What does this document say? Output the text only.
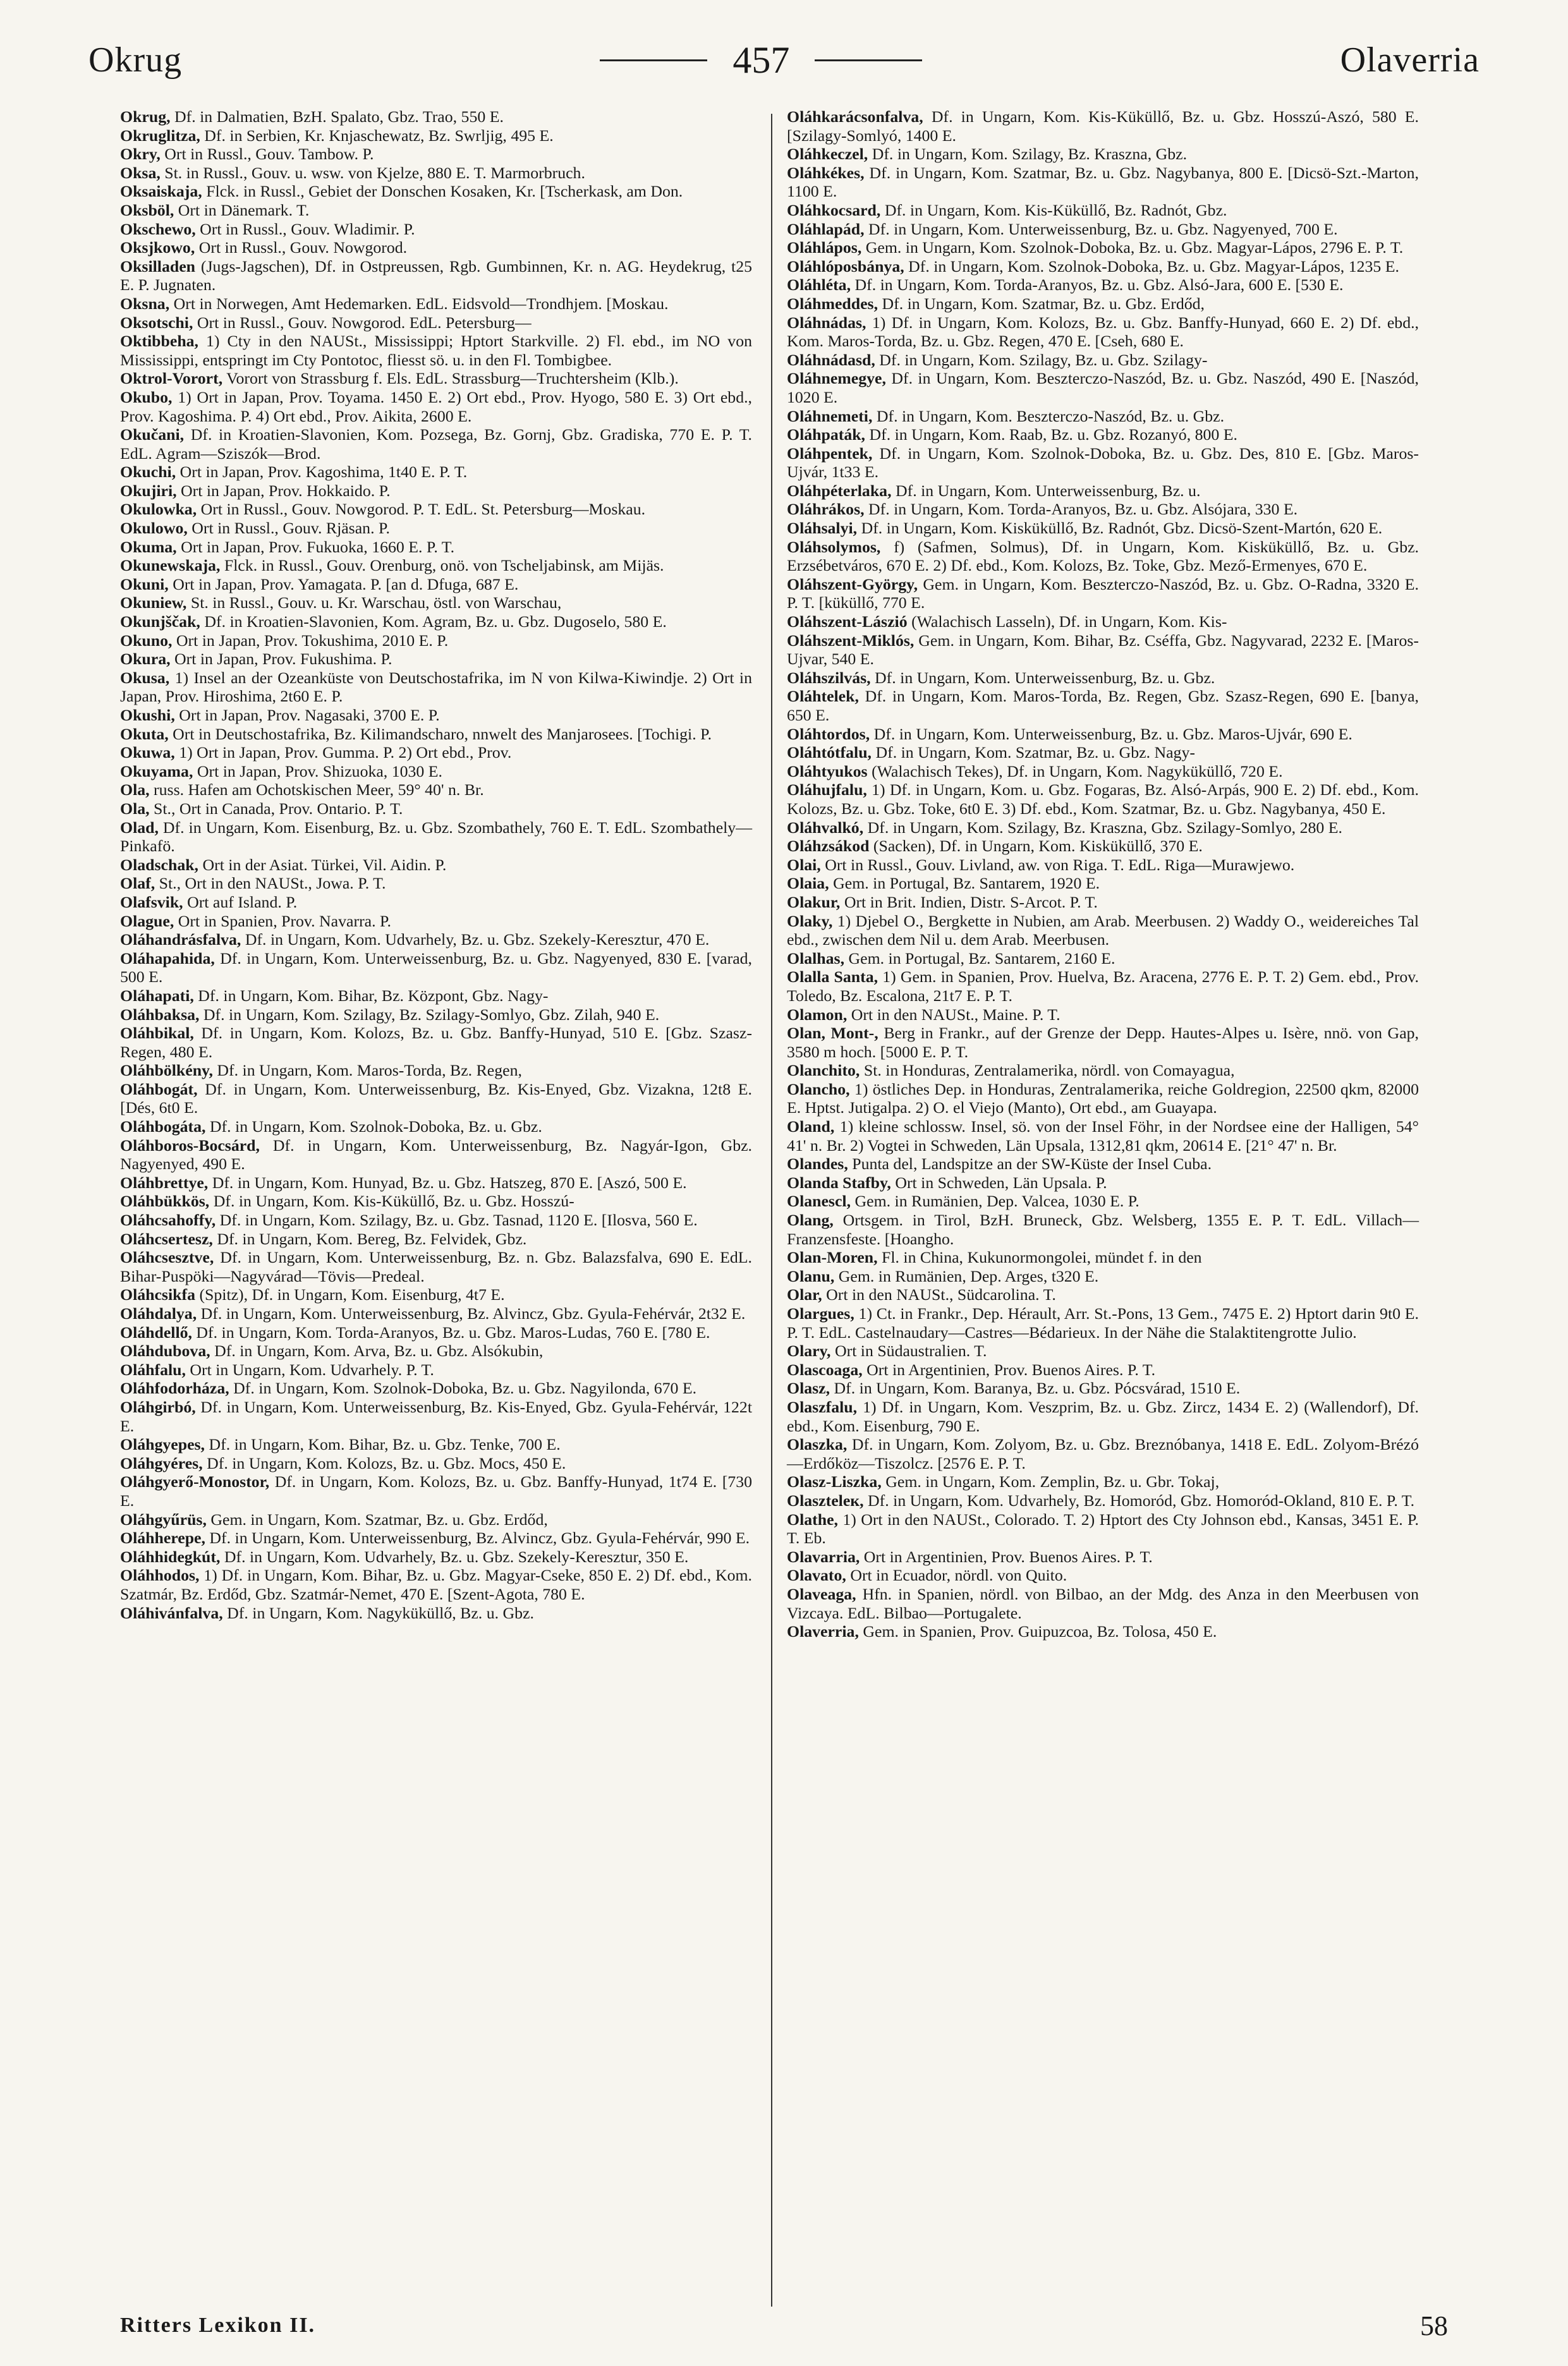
Okrug	457	Olaverria

Okrug, Df. in Dalmatien, BzH. Spalato, Gbz. Trao, 550 E.

Okruglitza, Df. in Serbien, Kr. Knjaschewatz, Bz. Swrljig, 495 E.

Okry, Ort in Russl., Gouv. Tambow. P.

Oksa, St. in Russl., Gouv. u. wsw. von Kjelze, 880 E. T. Marmorbruch.

Oksaiskaja, Flck. in Russl., Gebiet der Donschen Kosaken, Kr. [Tscherkask, am Don.

Oksböl, Ort in Dänemark. T.

Okschewo, Ort in Russl., Gouv. Wladimir. P.

Oksjkowo, Ort in Russl., Gouv. Nowgorod.

Oksilladen (Jugs-Jagschen), Df. in Ostpreussen, Rgb. Gumbinnen, Kr. n. AG. Heydekrug, t25 E. P. Jugnaten.

Oksna, Ort in Norwegen, Amt Hedemarken. EdL. Eidsvold—Trondhjem. [Moskau.

Oksotschi, Ort in Russl., Gouv. Nowgorod. EdL. Petersburg—

Oktibbeha, 1) Cty in den NAUSt., Mississippi; Hptort Starkville. 2) Fl. ebd., im NO von Mississippi, entspringt im Cty Pontotoc, fliesst sö. u. in den Fl. Tombigbee.

Oktrol-Vorort, Vorort von Strassburg f. Els. EdL. Strassburg—Truchtersheim (Klb.).

Okubo, 1) Ort in Japan, Prov. Toyama. 1450 E. 2) Ort ebd., Prov. Hyogo, 580 E. 3) Ort ebd., Prov. Kagoshima. P. 4) Ort ebd., Prov. Aikita, 2600 E.

Okučani, Df. in Kroatien-Slavonien, Kom. Pozsega, Bz. Gornj, Gbz. Gradiska, 770 E. P. T. EdL. Agram—Sziszók—Brod.

Okuchi, Ort in Japan, Prov. Kagoshima, 1t40 E. P. T.

Okujiri, Ort in Japan, Prov. Hokkaido. P.

Okulowka, Ort in Russl., Gouv. Nowgorod. P. T. EdL. St. Petersburg—Moskau.

Okulowo, Ort in Russl., Gouv. Rjäsan. P.

Okuma, Ort in Japan, Prov. Fukuoka, 1660 E. P. T.

Okunewskaja, Flck. in Russl., Gouv. Orenburg, onö. von Tscheljabinsk, am Mijäs.

Okuni, Ort in Japan, Prov. Yamagata. P. [an d. Dfuga, 687 E.

Okuniew, St. in Russl., Gouv. u. Kr. Warschau, östl. von Warschau,

Okunjščak, Df. in Kroatien-Slavonien, Kom. Agram, Bz. u. Gbz. Dugoselo, 580 E.

Okuno, Ort in Japan, Prov. Tokushima, 2010 E. P.

Okura, Ort in Japan, Prov. Fukushima. P.

Okusa, 1) Insel an der Ozeanküste von Deutschostafrika, im N von Kilwa-Kiwindje. 2) Ort in Japan, Prov. Hiroshima, 2t60 E. P.

Okushi, Ort in Japan, Prov. Nagasaki, 3700 E. P.

Okuta, Ort in Deutschostafrika, Bz. Kilimandscharo, nnwelt des Manjarosees. [Tochigi. P.

Okuwa, 1) Ort in Japan, Prov. Gumma. P. 2) Ort ebd., Prov.

Okuyama, Ort in Japan, Prov. Shizuoka, 1030 E.

Ola, russ. Hafen am Ochotskischen Meer, 59° 40' n. Br.

Ola, St., Ort in Canada, Prov. Ontario. P. T.

Olad, Df. in Ungarn, Kom. Eisenburg, Bz. u. Gbz. Szombathely, 760 E. T. EdL. Szombathely—Pinkafö.

Oladschak, Ort in der Asiat. Türkei, Vil. Aidin. P.

Olaf, St., Ort in den NAUSt., Jowa. P. T.

Olafsvik, Ort auf Island. P.

Olague, Ort in Spanien, Prov. Navarra. P.

Oláhandrásfalva, Df. in Ungarn, Kom. Udvarhely, Bz. u. Gbz. Szekely-Keresztur, 470 E.

Oláhapahida, Df. in Ungarn, Kom. Unterweissenburg, Bz. u. Gbz. Nagyenyed, 830 E. [varad, 500 E.

Oláhapati, Df. in Ungarn, Kom. Bihar, Bz. Központ, Gbz. Nagy-

Oláhbaksa, Df. in Ungarn, Kom. Szilagy, Bz. Szilagy-Somlyo, Gbz. Zilah, 940 E.

Oláhbikal, Df. in Ungarn, Kom. Kolozs, Bz. u. Gbz. Banffy-Hunyad, 510 E. [Gbz. Szasz-Regen, 480 E.

Oláhbölkény, Df. in Ungarn, Kom. Maros-Torda, Bz. Regen,

Oláhbogát, Df. in Ungarn, Kom. Unterweissenburg, Bz. Kis-Enyed, Gbz. Vizakna, 12t8 E. [Dés, 6t0 E.

Oláhbogáta, Df. in Ungarn, Kom. Szolnok-Doboka, Bz. u. Gbz.

Oláhboros-Bocsárd, Df. in Ungarn, Kom. Unterweissenburg, Bz. Nagyár-Igon, Gbz. Nagyenyed, 490 E.

Oláhbrettye, Df. in Ungarn, Kom. Hunyad, Bz. u. Gbz. Hatszeg, 870 E. [Aszó, 500 E.

Oláhbükkös, Df. in Ungarn, Kom. Kis-Küküllő, Bz. u. Gbz. Hosszú-

Oláhcsahoffy, Df. in Ungarn, Kom. Szilagy, Bz. u. Gbz. Tasnad, 1120 E. [Ilosva, 560 E.

Oláhcsertesz, Df. in Ungarn, Kom. Bereg, Bz. Felvidek, Gbz.

Oláhcsesztve, Df. in Ungarn, Kom. Unterweissenburg, Bz. n. Gbz. Balazsfalva, 690 E. EdL. Bihar-Puspöki—Nagyvárad—Tövis—Predeal.

Oláhcsikfa (Spitz), Df. in Ungarn, Kom. Eisenburg, 4t7 E.

Oláhdalya, Df. in Ungarn, Kom. Unterweissenburg, Bz. Alvincz, Gbz. Gyula-Fehérvár, 2t32 E.

Oláhdellő, Df. in Ungarn, Kom. Torda-Aranyos, Bz. u. Gbz. Maros-Ludas, 760 E. [780 E.

Oláhdubova, Df. in Ungarn, Kom. Arva, Bz. u. Gbz. Alsókubin,

Oláhfalu, Ort in Ungarn, Kom. Udvarhely. P. T.

Oláhfodorháza, Df. in Ungarn, Kom. Szolnok-Doboka, Bz. u. Gbz. Nagyilonda, 670 E.

Oláhgirbó, Df. in Ungarn, Kom. Unterweissenburg, Bz. Kis-Enyed, Gbz. Gyula-Fehérvár, 122t E.

Oláhgyepes, Df. in Ungarn, Kom. Bihar, Bz. u. Gbz. Tenke, 700 E.

Oláhgyéres, Df. in Ungarn, Kom. Kolozs, Bz. u. Gbz. Mocs, 450 E.

Oláhgyerő-Monostor, Df. in Ungarn, Kom. Kolozs, Bz. u. Gbz. Banffy-Hunyad, 1t74 E. [730 E.

Oláhgyűrüs, Gem. in Ungarn, Kom. Szatmar, Bz. u. Gbz. Erdőd,

Oláhherepe, Df. in Ungarn, Kom. Unterweissenburg, Bz. Alvincz, Gbz. Gyula-Fehérvár, 990 E.

Oláhhidegkút, Df. in Ungarn, Kom. Udvarhely, Bz. u. Gbz. Szekely-Keresztur, 350 E.

Oláhhodos, 1) Df. in Ungarn, Kom. Bihar, Bz. u. Gbz. Magyar-Cseke, 850 E. 2) Df. ebd., Kom. Szatmár, Bz. Erdőd, Gbz. Szatmár-Nemet, 470 E. [Szent-Agota, 780 E.

Oláhivánfalva, Df. in Ungarn, Kom. Nagyküküllő, Bz. u. Gbz.

Oláhkarácsonfalva, Df. in Ungarn, Kom. Kis-Küküllő, Bz. u. Gbz. Hosszú-Aszó, 580 E. [Szilagy-Somlyó, 1400 E.

Oláhkeczel, Df. in Ungarn, Kom. Szilagy, Bz. Kraszna, Gbz.

Oláhkékes, Df. in Ungarn, Kom. Szatmar, Bz. u. Gbz. Nagybanya, 800 E. [Dicsö-Szt.-Marton, 1100 E.

Oláhkocsard, Df. in Ungarn, Kom. Kis-Küküllő, Bz. Radnót, Gbz.

Oláhlapád, Df. in Ungarn, Kom. Unterweissenburg, Bz. u. Gbz. Nagyenyed, 700 E.

Oláhlápos, Gem. in Ungarn, Kom. Szolnok-Doboka, Bz. u. Gbz. Magyar-Lápos, 2796 E. P. T.

Oláhlóposbánya, Df. in Ungarn, Kom. Szolnok-Doboka, Bz. u. Gbz. Magyar-Lápos, 1235 E.

Oláhléta, Df. in Ungarn, Kom. Torda-Aranyos, Bz. u. Gbz. Alsó-Jara, 600 E. [530 E.

Oláhmeddes, Df. in Ungarn, Kom. Szatmar, Bz. u. Gbz. Erdőd,

Oláhnádas, 1) Df. in Ungarn, Kom. Kolozs, Bz. u. Gbz. Banffy-Hunyad, 660 E. 2) Df. ebd., Kom. Maros-Torda, Bz. u. Gbz. Regen, 470 E. [Cseh, 680 E.

Oláhnádasd, Df. in Ungarn, Kom. Szilagy, Bz. u. Gbz. Szilagy-

Oláhnemegye, Df. in Ungarn, Kom. Beszterczo-Naszód, Bz. u. Gbz. Naszód, 490 E. [Naszód, 1020 E.

Oláhnemeti, Df. in Ungarn, Kom. Beszterczo-Naszód, Bz. u. Gbz.

Oláhpaták, Df. in Ungarn, Kom. Raab, Bz. u. Gbz. Rozanyó, 800 E.

Oláhpentek, Df. in Ungarn, Kom. Szolnok-Doboka, Bz. u. Gbz. Des, 810 E. [Gbz. Maros-Ujvár, 1t33 E.

Oláhpéterlaka, Df. in Ungarn, Kom. Unterweissenburg, Bz. u.

Oláhrákos, Df. in Ungarn, Kom. Torda-Aranyos, Bz. u. Gbz. Alsójara, 330 E.

Oláhsalyi, Df. in Ungarn, Kom. Kisküküllő, Bz. Radnót, Gbz. Dicsö-Szent-Martón, 620 E.

Oláhsolymos, f) (Safmen, Solmus), Df. in Ungarn, Kom. Kisküküllő, Bz. u. Gbz. Erzsébetváros, 670 E. 2) Df. ebd., Kom. Kolozs, Bz. Toke, Gbz. Mező-Ermenyes, 670 E.

Oláhszent-György, Gem. in Ungarn, Kom. Beszterczo-Naszód, Bz. u. Gbz. O-Radna, 3320 E. P. T. [küküllő, 770 E.

Oláhszent-Lászió (Walachisch Lasseln), Df. in Ungarn, Kom. Kis-

Oláhszent-Miklós, Gem. in Ungarn, Kom. Bihar, Bz. Cséffa, Gbz. Nagyvarad, 2232 E. [Maros-Ujvar, 540 E.

Oláhszilvás, Df. in Ungarn, Kom. Unterweissenburg, Bz. u. Gbz.

Oláhtelek, Df. in Ungarn, Kom. Maros-Torda, Bz. Regen, Gbz. Szasz-Regen, 690 E. [banya, 650 E.

Oláhtordos, Df. in Ungarn, Kom. Unterweissenburg, Bz. u. Gbz. Maros-Ujvár, 690 E.

Oláhtótfalu, Df. in Ungarn, Kom. Szatmar, Bz. u. Gbz. Nagy-

Oláhtyukos (Walachisch Tekes), Df. in Ungarn, Kom. Nagyküküllő, 720 E.

Oláhujfalu, 1) Df. in Ungarn, Kom. u. Gbz. Fogaras, Bz. Alsó-Arpás, 900 E. 2) Df. ebd., Kom. Kolozs, Bz. u. Gbz. Toke, 6t0 E. 3) Df. ebd., Kom. Szatmar, Bz. u. Gbz. Nagybanya, 450 E.

Oláhvalkó, Df. in Ungarn, Kom. Szilagy, Bz. Kraszna, Gbz. Szilagy-Somlyo, 280 E.

Oláhzsákod (Sacken), Df. in Ungarn, Kom. Kisküküllő, 370 E.

Olai, Ort in Russl., Gouv. Livland, aw. von Riga. T. EdL. Riga—Murawjewo.

Olaia, Gem. in Portugal, Bz. Santarem, 1920 E.

Olakur, Ort in Brit. Indien, Distr. S-Arcot. P. T.

Olaky, 1) Djebel O., Bergkette in Nubien, am Arab. Meerbusen. 2) Waddy O., weidereiches Tal ebd., zwischen dem Nil u. dem Arab. Meerbusen.

Olalhas, Gem. in Portugal, Bz. Santarem, 2160 E.

Olalla Santa, 1) Gem. in Spanien, Prov. Huelva, Bz. Aracena, 2776 E. P. T. 2) Gem. ebd., Prov. Toledo, Bz. Escalona, 21t7 E. P. T.

Olamon, Ort in den NAUSt., Maine. P. T.

Olan, Mont-, Berg in Frankr., auf der Grenze der Depp. Hautes-Alpes u. Isère, nnö. von Gap, 3580 m hoch. [5000 E. P. T.

Olanchito, St. in Honduras, Zentralamerika, nördl. von Comayagua,

Olancho, 1) östliches Dep. in Honduras, Zentralamerika, reiche Goldregion, 22500 qkm, 82000 E. Hptst. Jutigalpa. 2) O. el Viejo (Manto), Ort ebd., am Guayapa.

Oland, 1) kleine schlossw. Insel, sö. von der Insel Föhr, in der Nordsee eine der Halligen, 54° 41' n. Br. 2) Vogtei in Schweden, Län Upsala, 1312,81 qkm, 20614 E. [21° 47' n. Br.

Olandes, Punta del, Landspitze an der SW-Küste der Insel Cuba.

Olanda Stafby, Ort in Schweden, Län Upsala. P.

Olanescl, Gem. in Rumänien, Dep. Valcea, 1030 E. P.

Olang, Ortsgem. in Tirol, BzH. Bruneck, Gbz. Welsberg, 1355 E. P. T. EdL. Villach—Franzensfeste. [Hoangho.

Olan-Moren, Fl. in China, Kukunormongolei, mündet f. in den

Olanu, Gem. in Rumänien, Dep. Arges, t320 E.

Olar, Ort in den NAUSt., Südcarolina. T.

Olargues, 1) Ct. in Frankr., Dep. Hérault, Arr. St.-Pons, 13 Gem., 7475 E. 2) Hptort darin 9t0 E. P. T. EdL. Castelnaudary—Castres—Bédarieux. In der Nähe die Stalaktitengrotte Julio.

Olary, Ort in Südaustralien. T.

Olascoaga, Ort in Argentinien, Prov. Buenos Aires. P. T.

Olasz, Df. in Ungarn, Kom. Baranya, Bz. u. Gbz. Pócsvárad, 1510 E.

Olaszfalu, 1) Df. in Ungarn, Kom. Veszprim, Bz. u. Gbz. Zircz, 1434 E. 2) (Wallendorf), Df. ebd., Kom. Eisenburg, 790 E.

Olaszka, Df. in Ungarn, Kom. Zolyom, Bz. u. Gbz. Breznóbanya, 1418 E. EdL. Zolyom-Brézó—Erdőköz—Tiszolcz. [2576 E. P. T.

Olasz-Liszka, Gem. in Ungarn, Kom. Zemplin, Bz. u. Gbr. Tokaj,

Olaszteleк, Df. in Ungarn, Kom. Udvarhely, Bz. Homoród, Gbz. Homoród-Okland, 810 E. P. T.

Olathe, 1) Ort in den NAUSt., Colorado. T. 2) Hptort des Cty Johnson ebd., Kansas, 3451 E. P. T. Eb.

Olavarria, Ort in Argentinien, Prov. Buenos Aires. P. T.

Olavato, Ort in Ecuador, nördl. von Quito.

Olaveaga, Hfn. in Spanien, nördl. von Bilbao, an der Mdg. des Anza in den Meerbusen von Vizcaya. EdL. Bilbao—Portugalete.

Olaverria, Gem. in Spanien, Prov. Guipuzcoa, Bz. Tolosa, 450 E.

Ritters Lexikon II.	58
